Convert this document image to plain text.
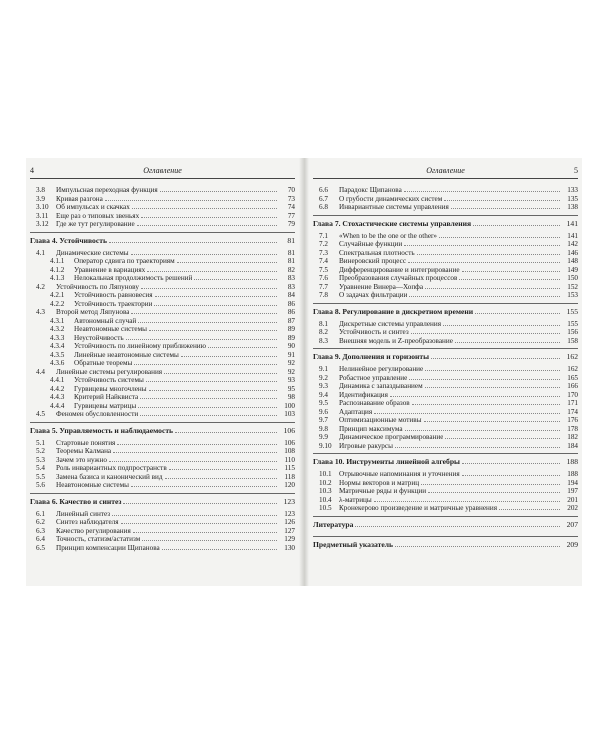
4	Оглавление
3.8	Импульсная переходная функция	70
3.9	Кривая разгона	73
3.10	Об импульсах и скачках	74
3.11	Еще раз о типовых звеньях	77
3.12	Где же тут регулирование	79
Глава 4. Устойчивость	81
4.1	Динамические системы	81
4.1.1	Оператор сдвига по траекториям	81
4.1.2	Уравнение в вариациях	82
4.1.3	Нелокальная продолжимость решений	83
4.2	Устойчивость по Ляпунову	83
4.2.1	Устойчивость равновесия	84
4.2.2	Устойчивость траектории	86
4.3	Второй метод Ляпунова	86
4.3.1	Автономный случай	87
4.3.2	Неавтономные системы	89
4.3.3	Неустойчивость	89
4.3.4	Устойчивость по линейному приближению	90
4.3.5	Линейные неавтономные системы	91
4.3.6	Обратные теоремы	92
4.4	Линейные системы регулирования	92
4.4.1	Устойчивость системы	93
4.4.2	Гурвицевы многочлены	95
4.4.3	Критерий Найквиста	98
4.4.4	Гурвицевы матрицы	100
4.5	Феномен обусловленности	103
Глава 5. Управляемость и наблюдаемость	106
5.1	Стартовые понятия	106
5.2	Теоремы Калмана	108
5.3	Зачем это нужно	110
5.4	Роль инвариантных подпространств	115
5.5	Замена базиса и канонический вид	118
5.6	Неавтономные системы	120
Глава 6. Качество и синтез	123
6.1	Линейный синтез	123
6.2	Синтез наблюдателя	126
6.3	Качество регулирования	127
6.4	Точность, статизм/астатизм	129
6.5	Принцип компенсации Щипанова	130
Оглавление	5
6.6	Парадокс Щипанова	133
6.7	О грубости динамических систем	135
6.8	Инвариантные системы управления	138
Глава 7. Стохастические системы управления	141
7.1	«When to be the one or the other»	141
7.2	Случайные функции	142
7.3	Спектральная плотность	146
7.4	Винеровский процесс	148
7.5	Дифференцирование и интегрирование	149
7.6	Преобразования случайных процессов	150
7.7	Уравнение Винера—Хопфа	152
7.8	О задачах фильтрации	153
Глава 8. Регулирование в дискретном времени	155
8.1	Дискретные системы управления	155
8.2	Устойчивость и синтез	156
8.3	Внешняя модель и Z-преобразование	158
Глава 9. Дополнения и горизонты	162
9.1	Нелинейное регулирование	162
9.2	Робастное управление	165
9.3	Динамика с запаздыванием	166
9.4	Идентификация	170
9.5	Распознавание образов	171
9.6	Адаптация	174
9.7	Оптимизационные мотивы	176
9.8	Принцип максимума	178
9.9	Динамическое программирование	182
9.10	Игровые ракурсы	184
Глава 10. Инструменты линейной алгебры	188
10.1	Отрывочные напоминания и уточнения	188
10.2	Нормы векторов и матриц	194
10.3	Матричные ряды и функции	197
10.4	λ-матрицы	201
10.5	Кронекерово произведение и матричные уравнения	202
Литература	207
Предметный указатель	209
